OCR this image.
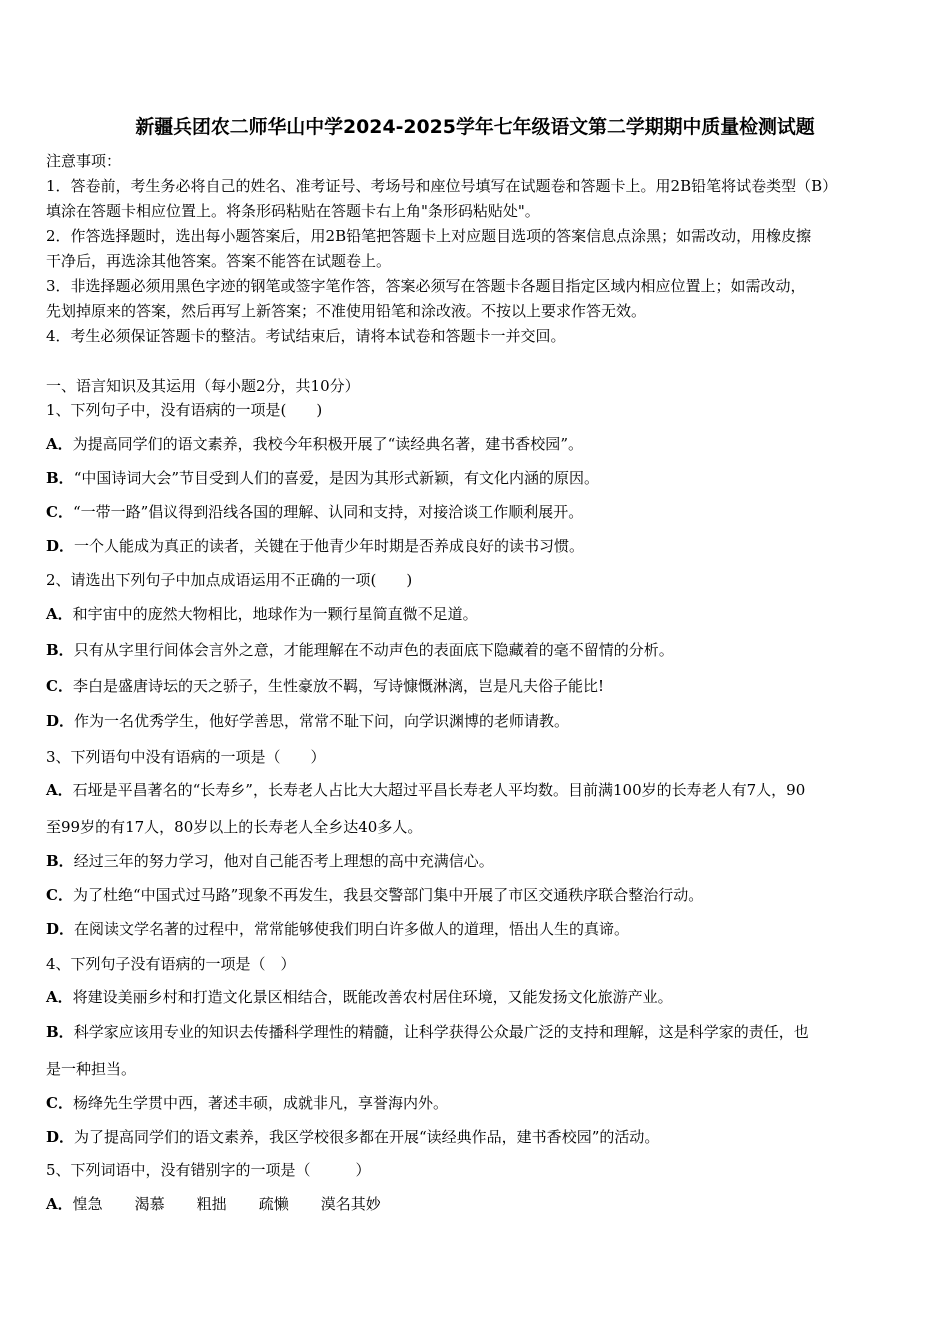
新疆兵团农二师华山中学2024-2025学年七年级语文第二学期期中质量检测试题
注意事项：
1．答卷前，考生务必将自己的姓名、准考证号、考场号和座位号填写在试题卷和答题卡上。用2B铅笔将试卷类型（B）
填涂在答题卡相应位置上。将条形码粘贴在答题卡右上角"条形码粘贴处"。
2．作答选择题时，选出每小题答案后，用2B铅笔把答题卡上对应题目选项的答案信息点涂黑；如需改动，用橡皮擦
干净后，再选涂其他答案。答案不能答在试题卷上。
3．非选择题必须用黑色字迹的钢笔或签字笔作答，答案必须写在答题卡各题目指定区域内相应位置上；如需改动，
先划掉原来的答案，然后再写上新答案；不准使用铅笔和涂改液。不按以上要求作答无效。
4．考生必须保证答题卡的整洁。考试结束后，请将本试卷和答题卡一并交回。
一、语言知识及其运用（每小题2分，共10分）
1、下列句子中，没有语病的一项是(　　)
A．为提高同学们的语文素养，我校今年积极开展了“读经典名著，建书香校园”。
B．“中国诗词大会”节目受到人们的喜爱，是因为其形式新颖，有文化内涵的原因。
C．“一带一路”倡议得到沿线各国的理解、认同和支持，对接洽谈工作顺利展开。
D．一个人能成为真正的读者，关键在于他青少年时期是否养成良好的读书习惯。
2、请选出下列句子中加点成语运用不正确的一项(　　)
A．和宇宙中的庞然大物相比，地球作为一颗行星简直微不足道。
B．只有从字里行间体会言外之意，才能理解在不动声色的表面底下隐藏着的毫不留情的分析。
C．李白是盛唐诗坛的天之骄子，生性豪放不羁，写诗慷慨淋漓，岂是凡夫俗子能比!
D．作为一名优秀学生，他好学善思，常常不耻下问，向学识渊博的老师请教。
3、下列语句中没有语病的一项是（　　）
A．石垭是平昌著名的“长寿乡”，长寿老人占比大大超过平昌长寿老人平均数。目前满100岁的长寿老人有7人，90
至99岁的有17人，80岁以上的长寿老人全乡达40多人。
B．经过三年的努力学习，他对自己能否考上理想的高中充满信心。
C．为了杜绝“中国式过马路”现象不再发生，我县交警部门集中开展了市区交通秩序联合整治行动。
D．在阅读文学名著的过程中，常常能够使我们明白许多做人的道理，悟出人生的真谛。
4、下列句子没有语病的一项是（　）
A．将建设美丽乡村和打造文化景区相结合，既能改善农村居住环境，又能发扬文化旅游产业。
B．科学家应该用专业的知识去传播科学理性的精髓，让科学获得公众最广泛的支持和理解，这是科学家的责任，也
是一种担当。
C．杨绛先生学贯中西，著述丰硕，成就非凡，享誉海内外。
D．为了提高同学们的语文素养，我区学校很多都在开展“读经典作品，建书香校园”的活动。
5、下列词语中，没有错别字的一项是（　　　）
A．惶急 渴慕 粗拙 疏懒 漠名其妙
